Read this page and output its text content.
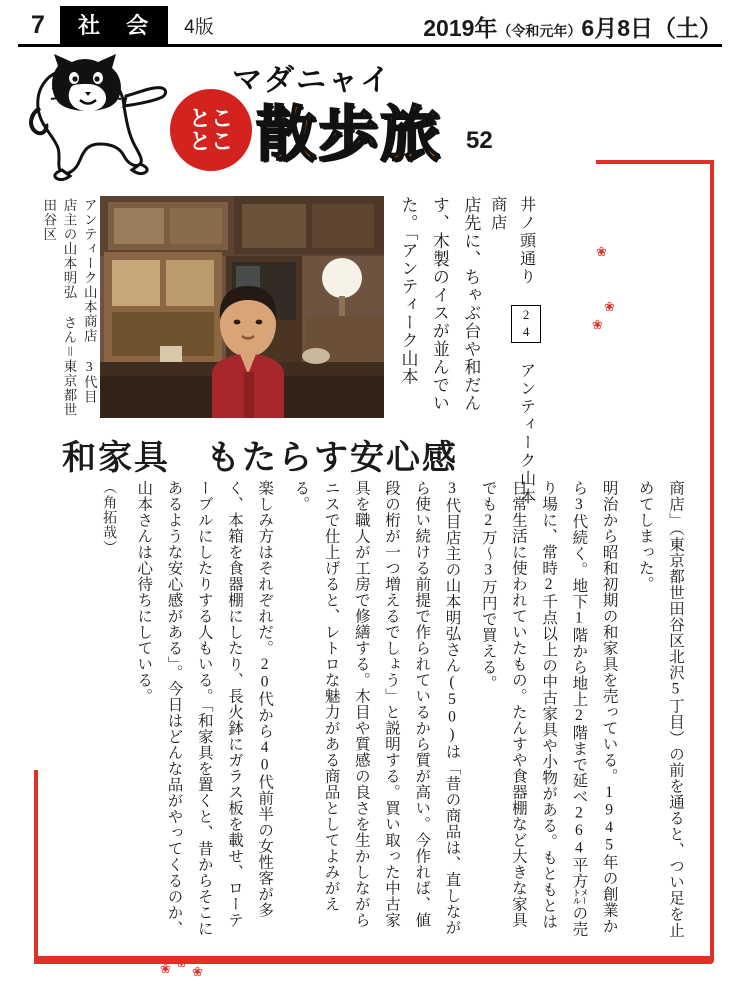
7	社 会	4版	2019年（令和元年）6月8日（土）
マダニャイ
とこ
とこ 散歩旅 52
❀
❀
❀
❀ ❀
❀
アンティーク山本商店 3代目店主の山本明弘 さん＝東京都世田谷区	店先に、ちゃぶ台や和だんす、木製のイスが並んでいた。「アンティーク山本	井ノ頭通り 24 アンティーク山本商店
和家具　もたらす安心感
商店」（東京都世田谷区北沢5丁目）の前を通ると、つい足を止めてしまった。
明治から昭和初期の和家具を売っている。1945年の創業から3代続く。地下1階から地上2階まで延べ264平方㍍の売り場に、常時2千点以上の中古家具や小物がある。もともとは日常生活に使われていたもの。たんすや食器棚など大きな家具でも2万～3万円で買える。
3代目店主の山本明弘さん(50)は「昔の商品は、直しながら使い続ける前提で作られているから質が高い。今作れば、値段の桁が一つ増えるでしょう」と説明する。買い取った中古家具を職人が工房で修繕する。木目や質感の良さを生かしながらニスで仕上げると、レトロな魅力がある商品としてよみがえる。
楽しみ方はそれぞれだ。20代から40代前半の女性客が多く、本箱を食器棚にしたり、長火鉢にガラス板を載せ、ローテーブルにしたりする人もいる。「和家具を置くと、昔からそこにあるような安心感がある」。今日はどんな品がやってくるのか、山本さんは心待ちにしている。
（角拓哉）
